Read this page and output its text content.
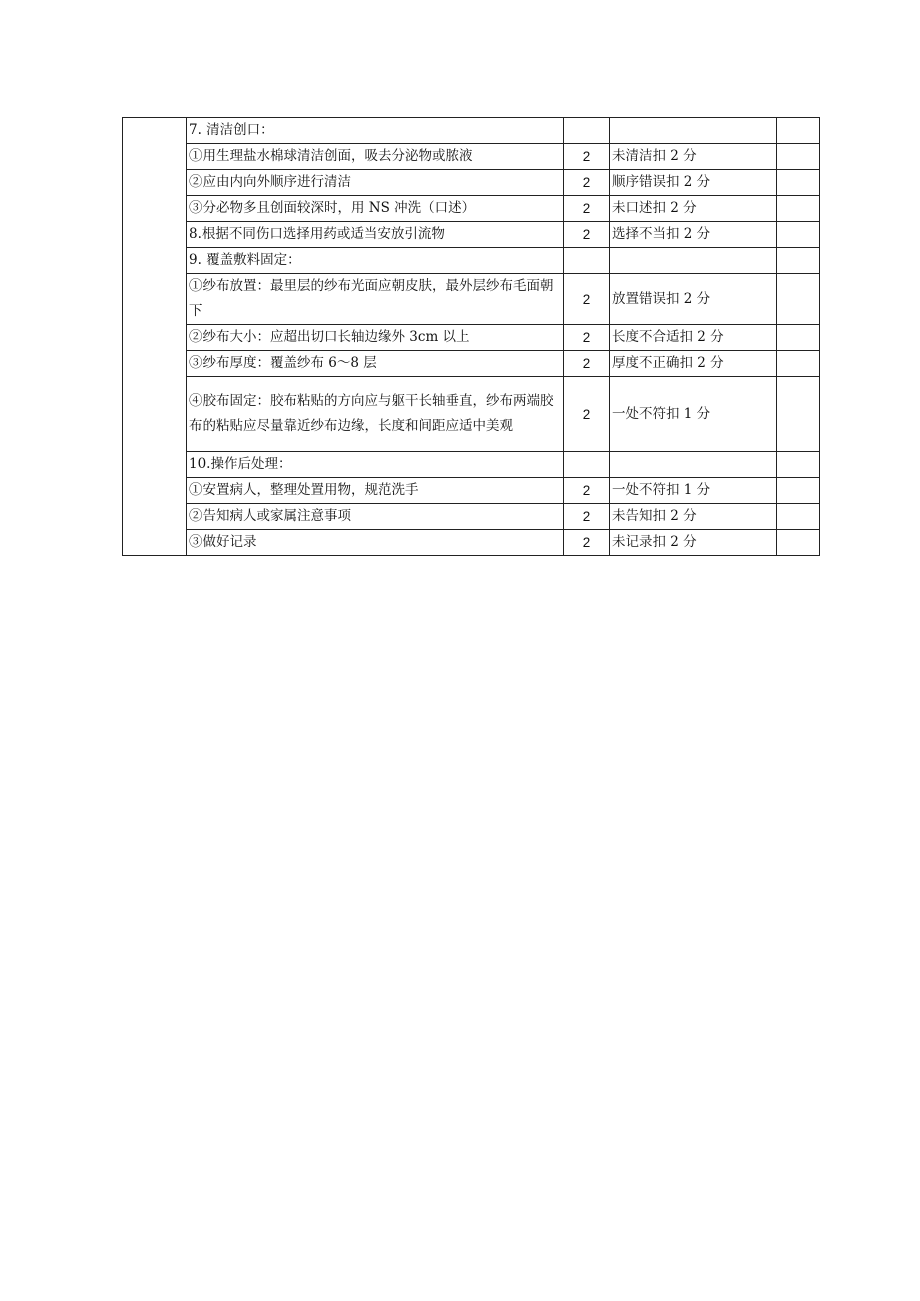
	7. 清洁创口：			
	①用生理盐水棉球清洁创面，吸去分泌物或脓液	2	未清洁扣 2 分	
	②应由内向外顺序进行清洁	2	顺序错误扣 2 分	
	③分必物多且创面较深时，用 NS 冲洗（口述）	2	未口述扣 2 分	
	8.根据不同伤口选择用药或适当安放引流物	2	选择不当扣 2 分	
	9. 覆盖敷料固定：			
	①纱布放置：最里层的纱布光面应朝皮肤，最外层纱布毛面朝下	2	放置错误扣 2 分	
	②纱布大小：应超出切口长轴边缘外 3cm 以上	2	长度不合适扣 2 分	
	③纱布厚度：覆盖纱布 6～8 层	2	厚度不正确扣 2 分	
	④胶布固定：胶布粘贴的方向应与躯干长轴垂直，纱布两端胶布的粘贴应尽量靠近纱布边缘，长度和间距应适中美观	2	一处不符扣 1 分	
	10.操作后处理：			
	①安置病人，整理处置用物，规范洗手	2	一处不符扣 1 分	
	②告知病人或家属注意事项	2	未告知扣 2 分	
	③做好记录	2	未记录扣 2 分	
